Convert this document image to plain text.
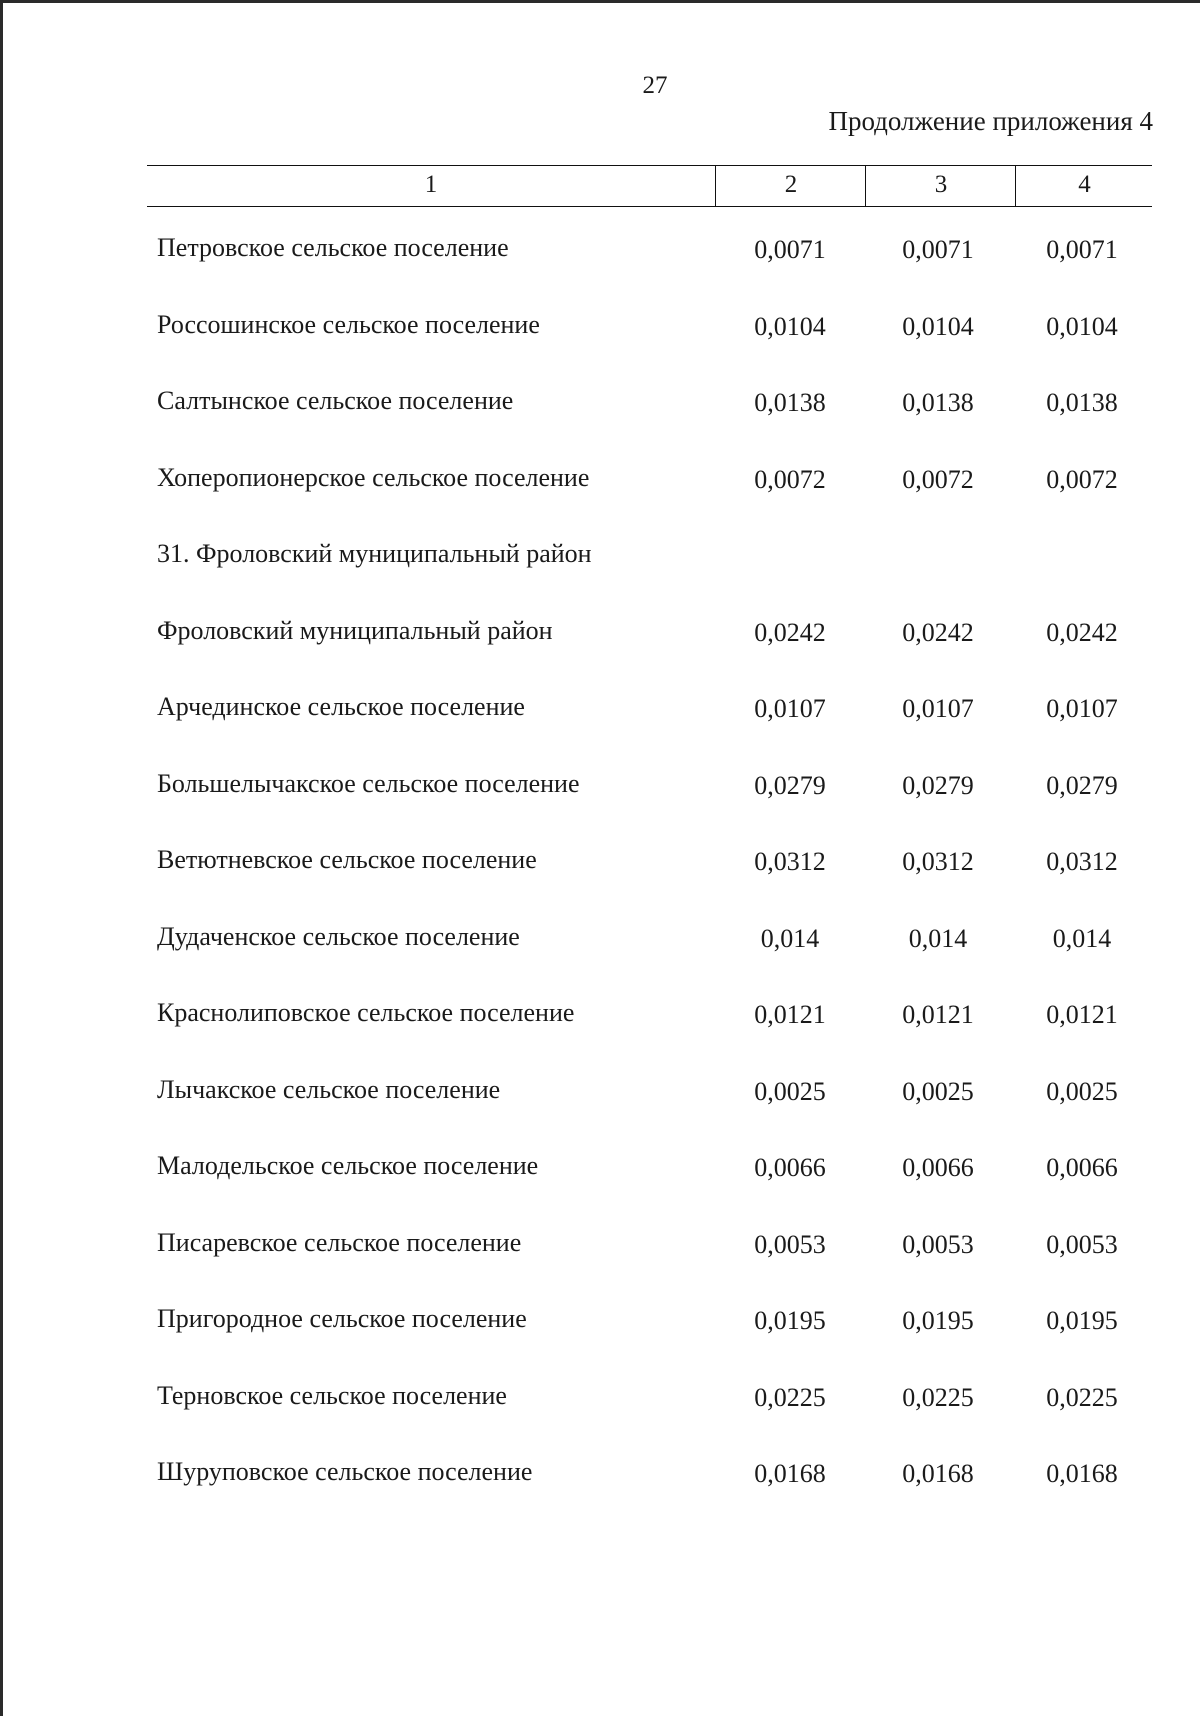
27
Продолжение приложения 4
1	2	3	4
Петровское сельское поселение	0,0071	0,0071	0,0071
Россошинское сельское поселение	0,0104	0,0104	0,0104
Салтынское сельское поселение	0,0138	0,0138	0,0138
Хоперопионерское сельское поселение	0,0072	0,0072	0,0072
31. Фроловский муниципальный район
Фроловский муниципальный район	0,0242	0,0242	0,0242
Арчединское сельское поселение	0,0107	0,0107	0,0107
Большелычакское сельское поселение	0,0279	0,0279	0,0279
Ветютневское сельское поселение	0,0312	0,0312	0,0312
Дудаченское сельское поселение	0,014	0,014	0,014
Краснолиповское сельское поселение	0,0121	0,0121	0,0121
Лычакское сельское поселение	0,0025	0,0025	0,0025
Малодельское сельское поселение	0,0066	0,0066	0,0066
Писаревское сельское поселение	0,0053	0,0053	0,0053
Пригородное сельское поселение	0,0195	0,0195	0,0195
Терновское сельское поселение	0,0225	0,0225	0,0225
Шуруповское сельское поселение	0,0168	0,0168	0,0168
